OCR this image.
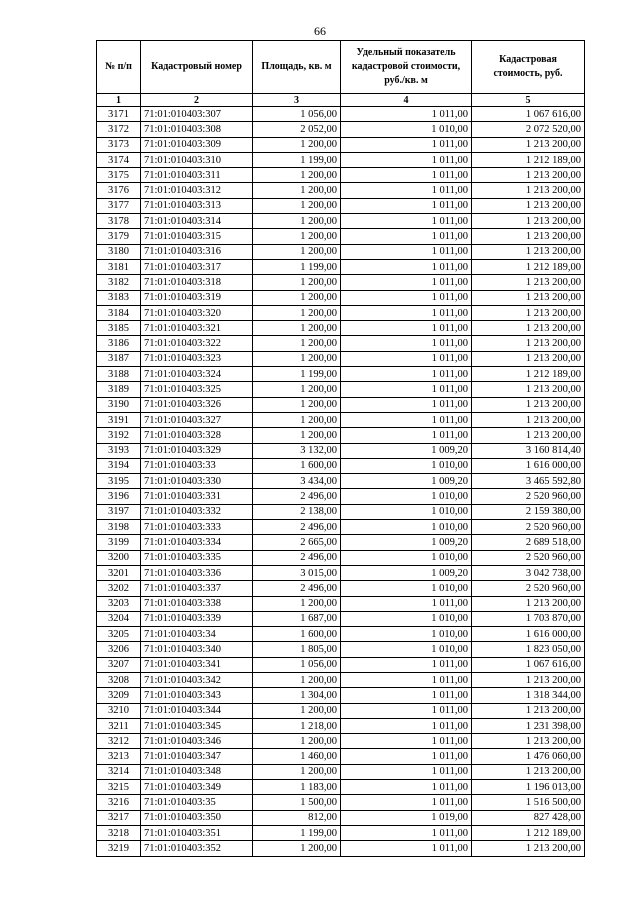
66
№ п/п	Кадастровый номер	Площадь, кв. м	Удельный показатель кадастровой стоимости, руб./кв. м	Кадастровая стоимость, руб.
1	2	3	4	5
3171	71:01:010403:307	1 056,00	1 011,00	1 067 616,00
3172	71:01:010403:308	2 052,00	1 010,00	2 072 520,00
3173	71:01:010403:309	1 200,00	1 011,00	1 213 200,00
3174	71:01:010403:310	1 199,00	1 011,00	1 212 189,00
3175	71:01:010403:311	1 200,00	1 011,00	1 213 200,00
3176	71:01:010403:312	1 200,00	1 011,00	1 213 200,00
3177	71:01:010403:313	1 200,00	1 011,00	1 213 200,00
3178	71:01:010403:314	1 200,00	1 011,00	1 213 200,00
3179	71:01:010403:315	1 200,00	1 011,00	1 213 200,00
3180	71:01:010403:316	1 200,00	1 011,00	1 213 200,00
3181	71:01:010403:317	1 199,00	1 011,00	1 212 189,00
3182	71:01:010403:318	1 200,00	1 011,00	1 213 200,00
3183	71:01:010403:319	1 200,00	1 011,00	1 213 200,00
3184	71:01:010403:320	1 200,00	1 011,00	1 213 200,00
3185	71:01:010403:321	1 200,00	1 011,00	1 213 200,00
3186	71:01:010403:322	1 200,00	1 011,00	1 213 200,00
3187	71:01:010403:323	1 200,00	1 011,00	1 213 200,00
3188	71:01:010403:324	1 199,00	1 011,00	1 212 189,00
3189	71:01:010403:325	1 200,00	1 011,00	1 213 200,00
3190	71:01:010403:326	1 200,00	1 011,00	1 213 200,00
3191	71:01:010403:327	1 200,00	1 011,00	1 213 200,00
3192	71:01:010403:328	1 200,00	1 011,00	1 213 200,00
3193	71:01:010403:329	3 132,00	1 009,20	3 160 814,40
3194	71:01:010403:33	1 600,00	1 010,00	1 616 000,00
3195	71:01:010403:330	3 434,00	1 009,20	3 465 592,80
3196	71:01:010403:331	2 496,00	1 010,00	2 520 960,00
3197	71:01:010403:332	2 138,00	1 010,00	2 159 380,00
3198	71:01:010403:333	2 496,00	1 010,00	2 520 960,00
3199	71:01:010403:334	2 665,00	1 009,20	2 689 518,00
3200	71:01:010403:335	2 496,00	1 010,00	2 520 960,00
3201	71:01:010403:336	3 015,00	1 009,20	3 042 738,00
3202	71:01:010403:337	2 496,00	1 010,00	2 520 960,00
3203	71:01:010403:338	1 200,00	1 011,00	1 213 200,00
3204	71:01:010403:339	1 687,00	1 010,00	1 703 870,00
3205	71:01:010403:34	1 600,00	1 010,00	1 616 000,00
3206	71:01:010403:340	1 805,00	1 010,00	1 823 050,00
3207	71:01:010403:341	1 056,00	1 011,00	1 067 616,00
3208	71:01:010403:342	1 200,00	1 011,00	1 213 200,00
3209	71:01:010403:343	1 304,00	1 011,00	1 318 344,00
3210	71:01:010403:344	1 200,00	1 011,00	1 213 200,00
3211	71:01:010403:345	1 218,00	1 011,00	1 231 398,00
3212	71:01:010403:346	1 200,00	1 011,00	1 213 200,00
3213	71:01:010403:347	1 460,00	1 011,00	1 476 060,00
3214	71:01:010403:348	1 200,00	1 011,00	1 213 200,00
3215	71:01:010403:349	1 183,00	1 011,00	1 196 013,00
3216	71:01:010403:35	1 500,00	1 011,00	1 516 500,00
3217	71:01:010403:350	812,00	1 019,00	827 428,00
3218	71:01:010403:351	1 199,00	1 011,00	1 212 189,00
3219	71:01:010403:352	1 200,00	1 011,00	1 213 200,00
